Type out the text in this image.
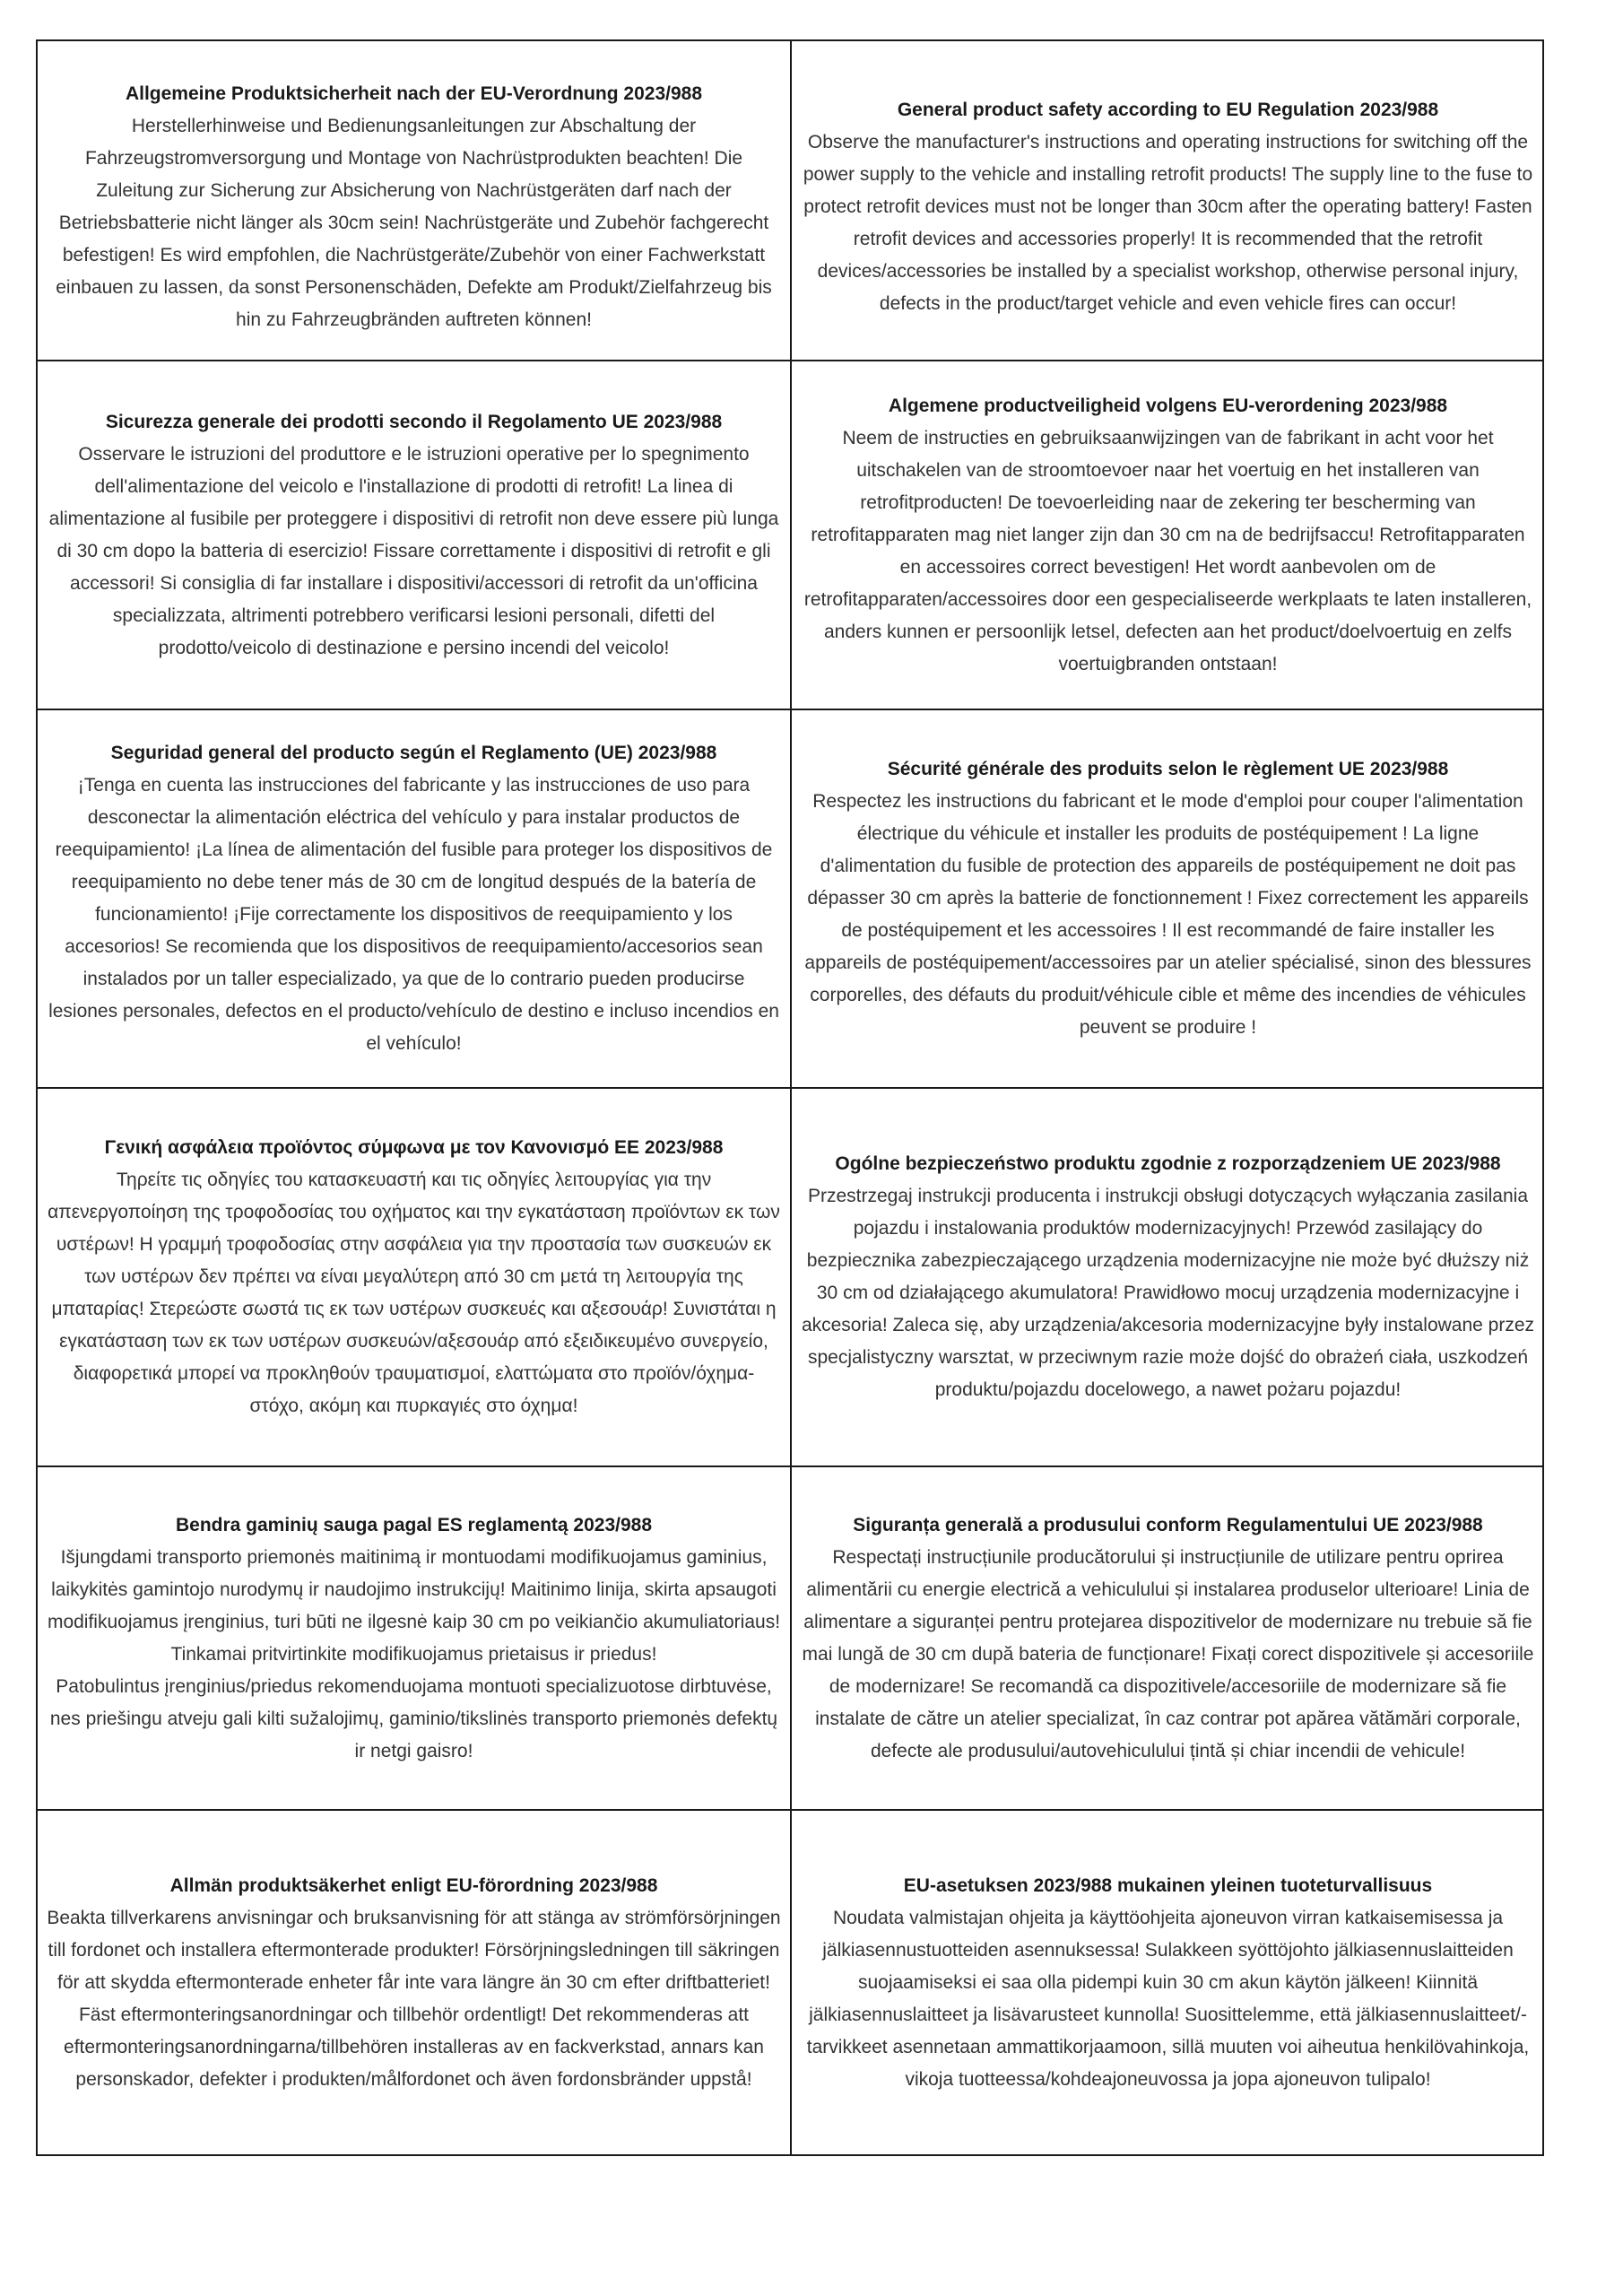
Allgemeine Produktsicherheit nach der EU-Verordnung 2023/988
Herstellerhinweise und Bedienungsanleitungen zur Abschaltung der Fahrzeugstromversorgung und Montage von Nachrüstprodukten beachten! Die Zuleitung zur Sicherung zur Absicherung von Nachrüstgeräten darf nach der Betriebsbatterie nicht länger als 30cm sein! Nachrüstgeräte und Zubehör fachgerecht befestigen! Es wird empfohlen, die Nachrüstgeräte/Zubehör von einer Fachwerkstatt einbauen zu lassen, da sonst Personenschäden, Defekte am Produkt/Zielfahrzeug bis hin zu Fahrzeugbränden auftreten können!
General product safety according to EU Regulation 2023/988
Observe the manufacturer's instructions and operating instructions for switching off the power supply to the vehicle and installing retrofit products! The supply line to the fuse to protect retrofit devices must not be longer than 30cm after the operating battery! Fasten retrofit devices and accessories properly! It is recommended that the retrofit devices/accessories be installed by a specialist workshop, otherwise personal injury, defects in the product/target vehicle and even vehicle fires can occur!
Sicurezza generale dei prodotti secondo il Regolamento UE 2023/988
Osservare le istruzioni del produttore e le istruzioni operative per lo spegnimento dell'alimentazione del veicolo e l'installazione di prodotti di retrofit! La linea di alimentazione al fusibile per proteggere i dispositivi di retrofit non deve essere più lunga di 30 cm dopo la batteria di esercizio! Fissare correttamente i dispositivi di retrofit e gli accessori! Si consiglia di far installare i dispositivi/accessori di retrofit da un'officina specializzata, altrimenti potrebbero verificarsi lesioni personali, difetti del prodotto/veicolo di destinazione e persino incendi del veicolo!
Algemene productveiligheid volgens EU-verordening 2023/988
Neem de instructies en gebruiksaanwijzingen van de fabrikant in acht voor het uitschakelen van de stroomtoevoer naar het voertuig en het installeren van retrofitproducten! De toevoerleiding naar de zekering ter bescherming van retrofitapparaten mag niet langer zijn dan 30 cm na de bedrijfsaccu! Retrofitapparaten en accessoires correct bevestigen! Het wordt aanbevolen om de retrofitapparaten/accessoires door een gespecialiseerde werkplaats te laten installeren, anders kunnen er persoonlijk letsel, defecten aan het product/doelvoertuig en zelfs voertuigbranden ontstaan!
Seguridad general del producto según el Reglamento (UE) 2023/988
¡Tenga en cuenta las instrucciones del fabricante y las instrucciones de uso para desconectar la alimentación eléctrica del vehículo y para instalar productos de reequipamiento! ¡La línea de alimentación del fusible para proteger los dispositivos de reequipamiento no debe tener más de 30 cm de longitud después de la batería de funcionamiento! ¡Fije correctamente los dispositivos de reequipamiento y los accesorios! Se recomienda que los dispositivos de reequipamiento/accesorios sean instalados por un taller especializado, ya que de lo contrario pueden producirse lesiones personales, defectos en el producto/vehículo de destino e incluso incendios en el vehículo!
Sécurité générale des produits selon le règlement UE 2023/988
Respectez les instructions du fabricant et le mode d'emploi pour couper l'alimentation électrique du véhicule et installer les produits de postéquipement ! La ligne d'alimentation du fusible de protection des appareils de postéquipement ne doit pas dépasser 30 cm après la batterie de fonctionnement ! Fixez correctement les appareils de postéquipement et les accessoires ! Il est recommandé de faire installer les appareils de postéquipement/accessoires par un atelier spécialisé, sinon des blessures corporelles, des défauts du produit/véhicule cible et même des incendies de véhicules peuvent se produire !
Γενική ασφάλεια προϊόντος σύμφωνα με τον Κανονισμό ΕΕ 2023/988
Τηρείτε τις οδηγίες του κατασκευαστή και τις οδηγίες λειτουργίας για την απενεργοποίηση της τροφοδοσίας του οχήματος και την εγκατάσταση προϊόντων εκ των υστέρων! Η γραμμή τροφοδοσίας στην ασφάλεια για την προστασία των συσκευών εκ των υστέρων δεν πρέπει να είναι μεγαλύτερη από 30 cm μετά τη λειτουργία της μπαταρίας! Στερεώστε σωστά τις εκ των υστέρων συσκευές και αξεσουάρ! Συνιστάται η εγκατάσταση των εκ των υστέρων συσκευών/αξεσουάρ από εξειδικευμένο συνεργείο, διαφορετικά μπορεί να προκληθούν τραυματισμοί, ελαττώματα στο προϊόν/όχημα-στόχο, ακόμη και πυρκαγιές στο όχημα!
Ogólne bezpieczeństwo produktu zgodnie z rozporządzeniem UE 2023/988
Przestrzegaj instrukcji producenta i instrukcji obsługi dotyczących wyłączania zasilania pojazdu i instalowania produktów modernizacyjnych! Przewód zasilający do bezpiecznika zabezpieczającego urządzenia modernizacyjne nie może być dłuższy niż 30 cm od działającego akumulatora! Prawidłowo mocuj urządzenia modernizacyjne i akcesoria! Zaleca się, aby urządzenia/akcesoria modernizacyjne były instalowane przez specjalistyczny warsztat, w przeciwnym razie może dojść do obrażeń ciała, uszkodzeń produktu/pojazdu docelowego, a nawet pożaru pojazdu!
Bendra gaminių sauga pagal ES reglamentą 2023/988
Išjungdami transporto priemonės maitinimą ir montuodami modifikuojamus gaminius, laikykitės gamintojo nurodymų ir naudojimo instrukcijų! Maitinimo linija, skirta apsaugoti modifikuojamus įrenginius, turi būti ne ilgesnė kaip 30 cm po veikiančio akumuliatoriaus!
Tinkamai pritvirtinkite modifikuojamus prietaisus ir priedus!
Patobulintus įrenginius/priedus rekomenduojama montuoti specializuotose dirbtuvėse, nes priešingu atveju gali kilti sužalojimų, gaminio/tikslinės transporto priemonės defektų ir netgi gaisro!
Siguranța generală a produsului conform Regulamentului UE 2023/988
Respectați instrucțiunile producătorului și instrucțiunile de utilizare pentru oprirea alimentării cu energie electrică a vehiculului și instalarea produselor ulterioare! Linia de alimentare a siguranței pentru protejarea dispozitivelor de modernizare nu trebuie să fie mai lungă de 30 cm după bateria de funcționare! Fixați corect dispozitivele și accesoriile de modernizare! Se recomandă ca dispozitivele/accesoriile de modernizare să fie instalate de către un atelier specializat, în caz contrar pot apărea vătămări corporale, defecte ale produsului/autovehiculului țintă și chiar incendii de vehicule!
Allmän produktsäkerhet enligt EU-förordning 2023/988
Beakta tillverkarens anvisningar och bruksanvisning för att stänga av strömförsörjningen till fordonet och installera eftermonterade produkter! Försörjningsledningen till säkringen för att skydda eftermonterade enheter får inte vara längre än 30 cm efter driftbatteriet! Fäst eftermonteringsanordningar och tillbehör ordentligt! Det rekommenderas att eftermonteringsanordningarna/tillbehören installeras av en fackverkstad, annars kan personskador, defekter i produkten/målfordonet och även fordonsbränder uppstå!
EU-asetuksen 2023/988 mukainen yleinen tuoteturvallisuus
Noudata valmistajan ohjeita ja käyttöohjeita ajoneuvon virran katkaisemisessa ja jälkiasennustuotteiden asennuksessa! Sulakkeen syöttöjohto jälkiasennuslaitteiden suojaamiseksi ei saa olla pidempi kuin 30 cm akun käytön jälkeen! Kiinnitä jälkiasennuslaitteet ja lisävarusteet kunnolla! Suosittelemme, että jälkiasennuslaitteet/-tarvikkeet asennetaan ammattikorjaamoon, sillä muuten voi aiheutua henkilövahinkoja, vikoja tuotteessa/kohdeajoneuvossa ja jopa ajoneuvon tulipalo!
